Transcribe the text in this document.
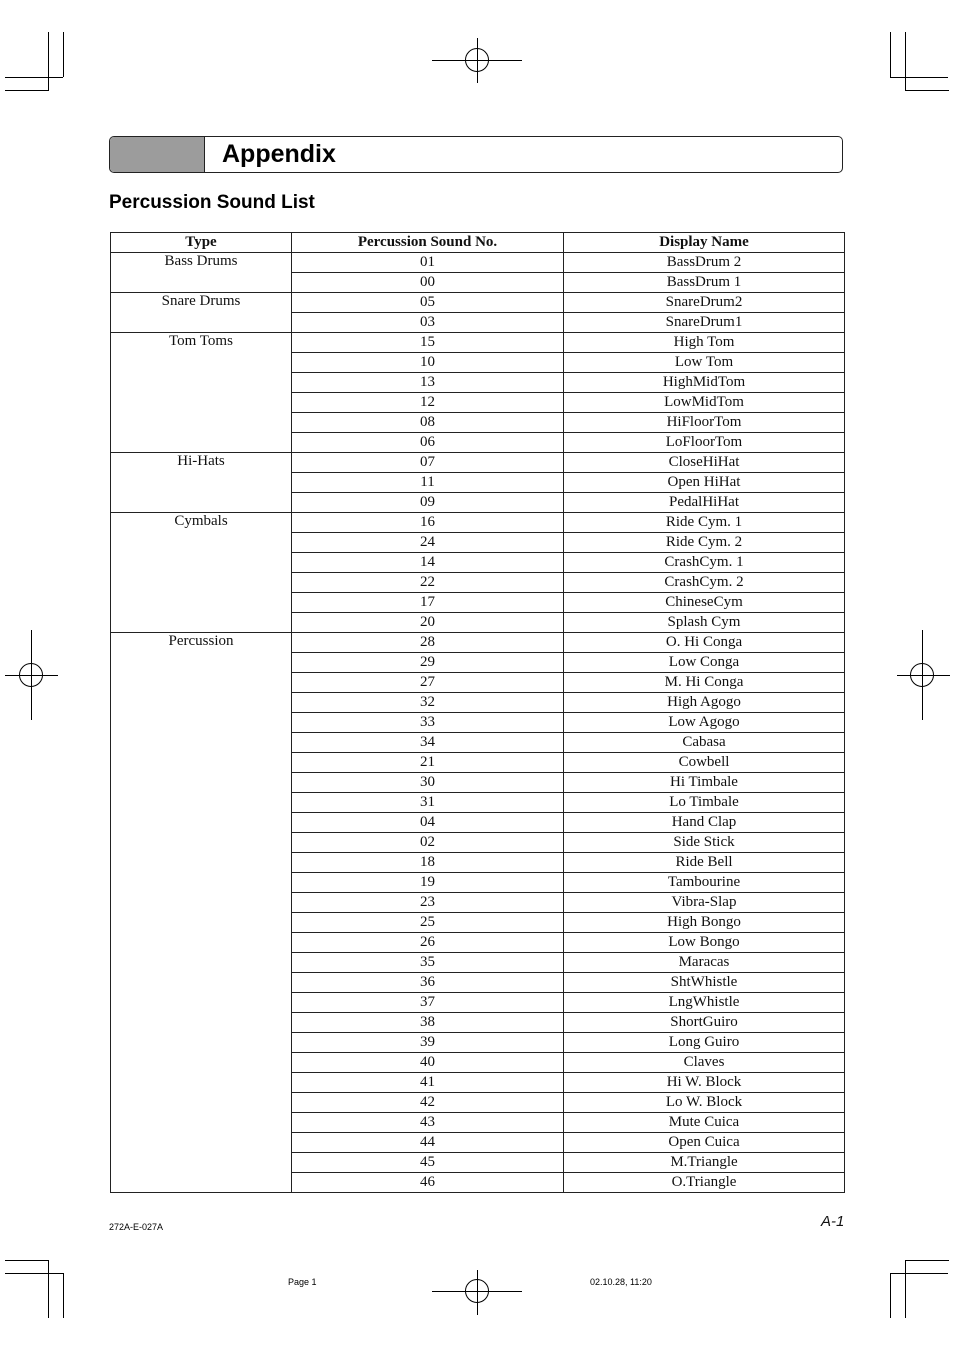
Appendix
Percussion Sound List
Type	Percussion Sound No.	Display Name
Bass Drums	01	BassDrum 2
	00	BassDrum 1
Snare Drums	05	SnareDrum2
	03	SnareDrum1
Tom Toms	15	High Tom
	10	Low Tom
	13	HighMidTom
	12	LowMidTom
	08	HiFloorTom
	06	LoFloorTom
Hi-Hats	07	CloseHiHat
	11	Open HiHat
	09	PedalHiHat
Cymbals	16	Ride Cym. 1
	24	Ride Cym. 2
	14	CrashCym. 1
	22	CrashCym. 2
	17	ChineseCym
	20	Splash Cym
Percussion	28	O. Hi Conga
	29	Low Conga
	27	M. Hi Conga
	32	High Agogo
	33	Low Agogo
	34	Cabasa
	21	Cowbell
	30	Hi Timbale
	31	Lo Timbale
	04	Hand Clap
	02	Side Stick
	18	Ride Bell
	19	Tambourine
	23	Vibra-Slap
	25	High Bongo
	26	Low Bongo
	35	Maracas
	36	ShtWhistle
	37	LngWhistle
	38	ShortGuiro
	39	Long Guiro
	40	Claves
	41	Hi W. Block
	42	Lo W. Block
	43	Mute Cuica
	44	Open Cuica
	45	M.Triangle
	46	O.Triangle
272A-E-027A	A-1
Page 1	02.10.28, 11:20
